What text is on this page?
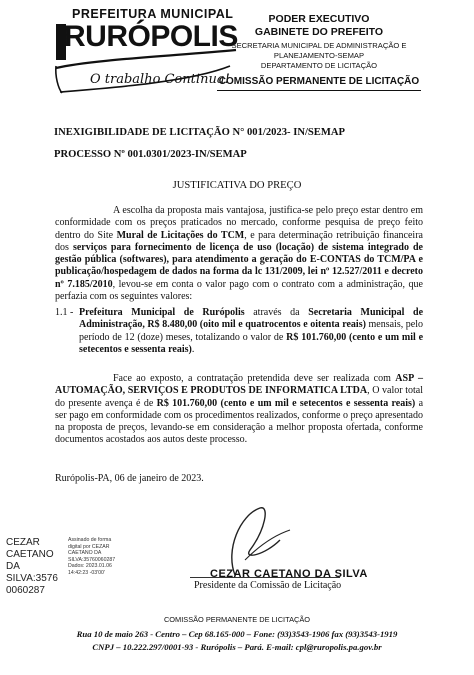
PREFEITURA MUNICIPAL
RURÓPOLIS
O trabalho Continua!
PODER EXECUTIVO
GABINETE DO PREFEITO
SECRETARIA MUNICIPAL DE ADMINISTRAÇÃO E
PLANEJAMENTO-SEMAP
DEPARTAMENTO DE LICITAÇÃO
COMISSÃO PERMANENTE DE LICITAÇÃO
INEXIGIBILIDADE DE LICITAÇÃO N° 001/2023- IN/SEMAP
PROCESSO Nº 001.0301/2023-IN/SEMAP
JUSTIFICATIVA DO PREÇO
A escolha da proposta mais vantajosa, justifica-se pelo preço estar dentro em conformidade com os preços praticados no mercado, conforme pesquisa de preço feito dentro do Site Mural de Licitações do TCM, e para determinação retribuição financeira dos serviços para fornecimento de licença de uso (locação) de sistema integrado de gestão pública (softwares), para atendimento a geração do E-CONTAS do TCM/PA e publicação/hospedagem de dados na forma da lc 131/2009, lei nº 12.527/2011 e decreto nº 7.185/2010, levou-se em conta o valor pago com o contrato com a administração, que perfazia com os seguintes valores:
1.1 - Prefeitura Municipal de Rurópolis através da Secretaria Municipal de Administração, R$ 8.480,00 (oito mil e quatrocentos e oitenta reais) mensais, pelo período de 12 (doze) meses, totalizando o valor de R$ 101.760,00 (cento e um mil e setecentos e sessenta reais).
Face ao exposto, a contratação pretendida deve ser realizada com ASP – AUTOMAÇÃO, SERVIÇOS E PRODUTOS DE INFORMATICA LTDA, O valor total do presente avença é de R$ 101.760,00 (cento e um mil e setecentos e sessenta reais) a ser pago em conformidade com os procedimentos realizados, conforme o preço apresentado na proposta de preços, levando-se em consideração a melhor proposta ofertada, conforme documentos acostados aos autos deste processo.
Rurópolis-PA, 06 de janeiro de 2023.
CEZAR CAETANO DA SILVA:3576 0060287
Assinado de forma digital por CEZAR CAETANO DA SILVA:35760060287 Dados: 2023.01.06 14:42:23 -03'00'	CEZAR CAETANO DA SILVA
Presidente da Comissão de Licitação
COMISSÃO PERMANENTE DE LICITAÇÃO
Rua 10 de maio 263 - Centro – Cep 68.165-000 – Fone: (93)3543-1906 fax (93)3543-1919
CNPJ – 10.222.297/0001-93 - Rurópolis – Pará. E-mail: cpl@ruropolis.pa.gov.br
